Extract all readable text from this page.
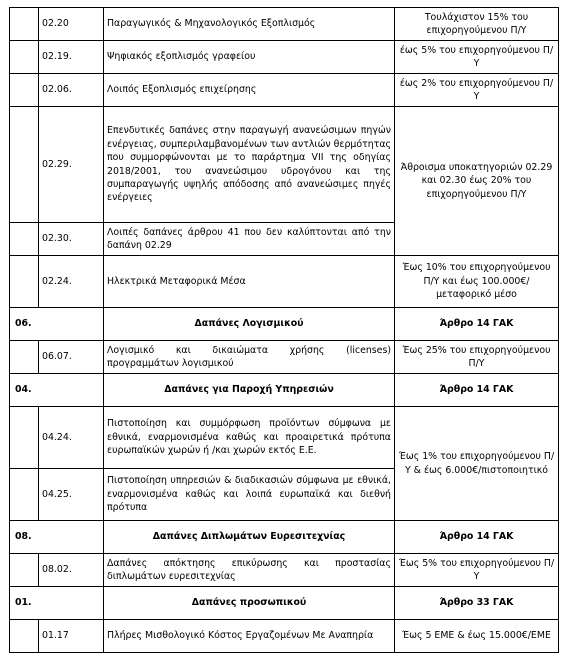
	02.20	Παραγωγικός & Μηχανολογικός Εξοπλισμός	Τουλάχιστον 15% του επιχορηγούμενου Π/Υ
	02.19.	Ψηφιακός εξοπλισμός γραφείου	έως 5% του επιχορηγούμενου Π/Υ
	02.06.	Λοιπός Εξοπλισμός επιχείρησης	έως 2% του επιχορηγούμενου Π/Υ
	02.29.	Επενδυτικές δαπάνες στην παραγωγή ανανεώσιμων πηγών ενέργειας, συμπεριλαμβανομένων των αντλιών θερμότητας που συμμορφώνονται με το παράρτημα VII της οδηγίας 2018/2001, του ανανεώσιμου υδρογόνου και της συμπαραγωγής υψηλής απόδοσης από ανανεώσιμες πηγές ενέργειες	Άθροισμα υποκατηγοριών 02.29 και 02.30 έως 20% του επιχορηγούμενου Π/Υ
	02.30.	Λοιπές δαπάνες άρθρου 41 που δεν καλύπτονται από την δαπάνη 02.29	
	02.24.	Ηλεκτρικά Μεταφορικά Μέσα	Έως 10% του επιχορηγούμενου Π/Υ και έως 100.000€/μεταφορικό μέσο
06.		Δαπάνες Λογισμικού	Άρθρο 14 ΓΑΚ
	06.07.	Λογισμικό και δικαιώματα χρήσης (licenses) προγραμμάτων λογισμικού	Έως 25% του επιχορηγούμενου Π/Υ
04.		Δαπάνες για Παροχή Υπηρεσιών	Άρθρο 14 ΓΑΚ
	04.24.	Πιστοποίηση και συμμόρφωση προϊόντων σύμφωνα με εθνικά, εναρμονισμένα καθώς και προαιρετικά πρότυπα ευρωπαϊκών χωρών ή /και χωρών εκτός Ε.Ε.	Έως 1% του επιχορηγούμενου Π/Υ & έως 6.000€/πιστοποιητικό
	04.25.	Πιστοποίηση υπηρεσιών & διαδικασιών σύμφωνα με εθνικά, εναρμονισμένα καθώς και λοιπά ευρωπαϊκά και διεθνή πρότυπα	
08.		Δαπάνες Διπλωμάτων Ευρεσιτεχνίας	Άρθρο 14 ΓΑΚ
	08.02.	Δαπάνες απόκτησης επικύρωσης και προστασίας διπλωμάτων ευρεσιτεχνίας	Έως 5% του επιχορηγούμενου Π/Υ
01.		Δαπάνες προσωπικού	Άρθρο 33 ΓΑΚ
	01.17	Πλήρες Μισθολογικό Κόστος Εργαζομένων Με Αναπηρία	Έως 5 ΕΜΕ & έως 15.000€/ΕΜΕ
